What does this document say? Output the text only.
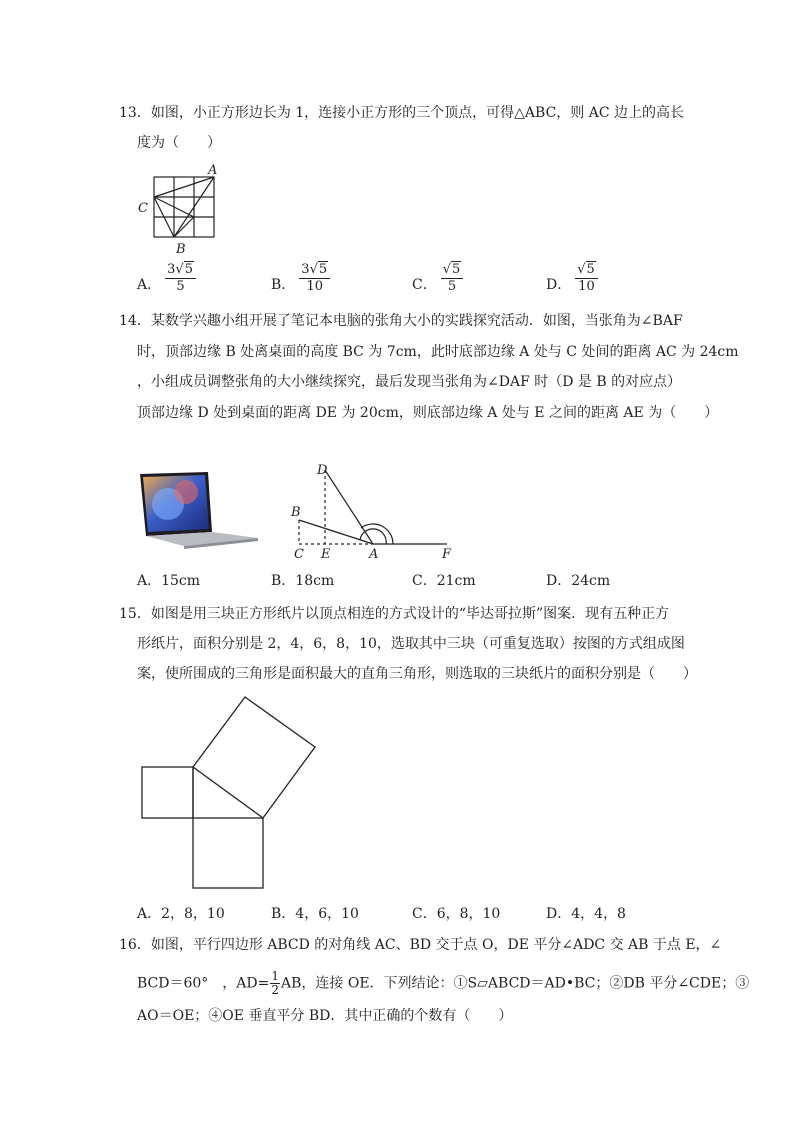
13．如图，小正方形边长为 1，连接小正方形的三个顶点，可得△ABC，则 AC 边上的高长
度为（　　）
A
C
B
A． $\frac{3√5}{5}$	B． $\frac{3√5}{10}$	C． $\frac{√5}{5}$	D． $\frac{√5}{10}$
14．某数学兴趣小组开展了笔记本电脑的张角大小的实践探究活动．如图，当张角为∠BAF
时，顶部边缘 B 处离桌面的高度 BC 为 7cm，此时底部边缘 A 处与 C 处间的距离 AC 为 24cm
，小组成员调整张角的大小继续探究，最后发现当张角为∠DAF 时（D 是 B 的对应点）
顶部边缘 D 处到桌面的距离 DE 为 20cm，则底部边缘 A 处与 E 之间的距离 AE 为（　　）
D
B
C E	A	F
A．15cm	B．18cm	C．21cm	D．24cm
15．如图是用三块正方形纸片以顶点相连的方式设计的“毕达哥拉斯”图案．现有五种正方
形纸片，面积分别是 2，4，6，8，10，选取其中三块（可重复选取）按图的方式组成图
案，使所围成的三角形是面积最大的直角三角形，则选取的三块纸片的面积分别是（　　）
A．2，8，10	B．4，6，10	C．6，8，10	D．4，4，8
16．如图，平行四边形 ABCD 的对角线 AC、BD 交于点 O，DE 平分∠ADC 交 AB 于点 E，∠
BCD＝60°　，$AD= \frac{1}{2}$ AB，连接 OE．下列结论：①S▱ABCD＝AD•BC；②DB 平分∠CDE；③
AO＝OE；④OE 垂直平分 BD．其中正确的个数有（　　）
